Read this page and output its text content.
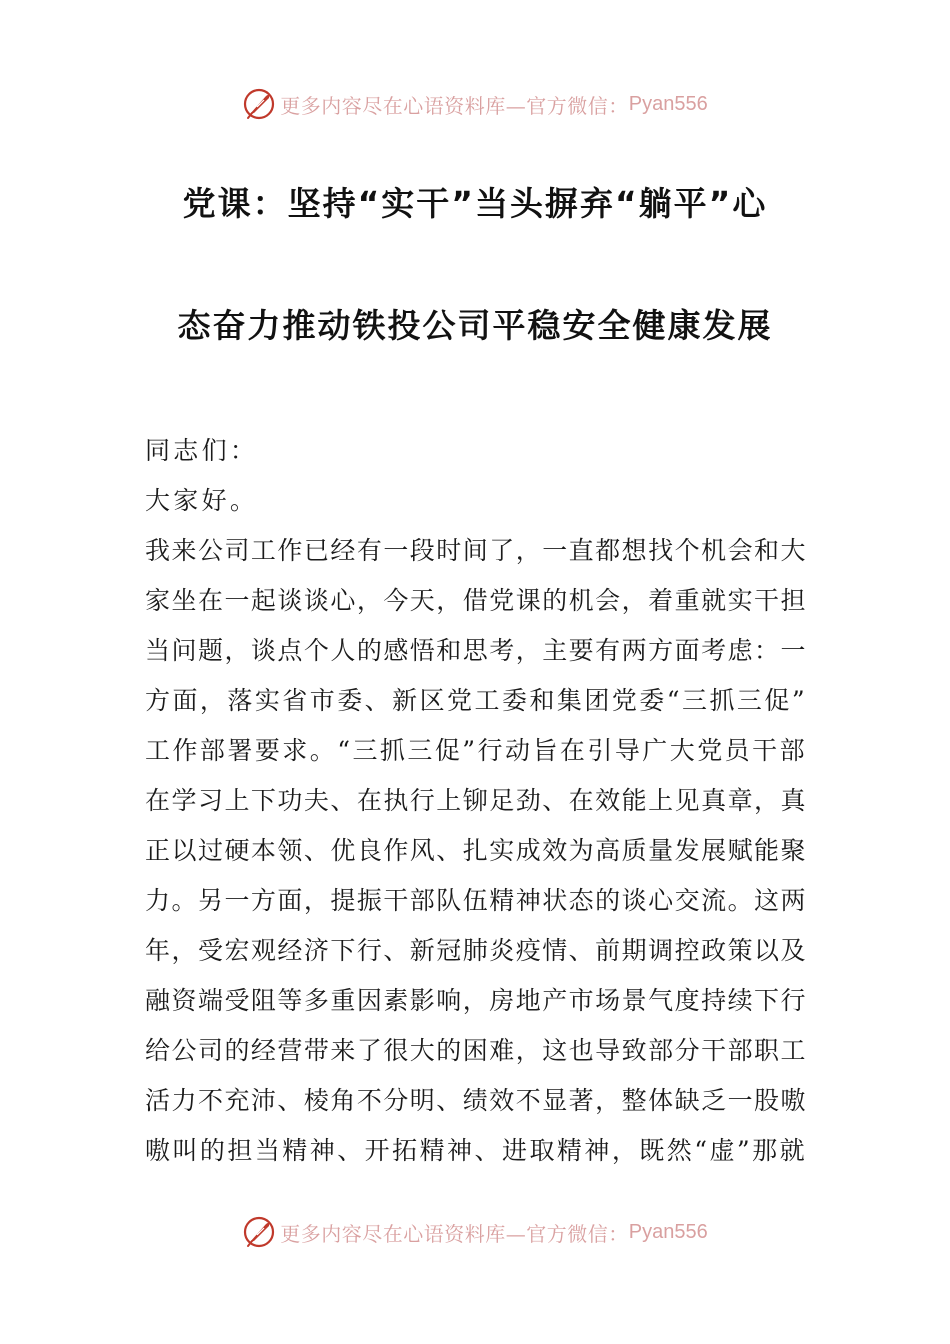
更多内容尽在心语资料库—官方微信： Pyan556
党课：坚持“实干”当头摒弃“躺平”心
态奋力推动铁投公司平稳安全健康发展

同志们：

大家好。

我来公司工作已经有一段时间了，一直都想找个机会和大
家坐在一起谈谈心，今天，借党课的机会，着重就实干担
当问题，谈点个人的感悟和思考，主要有两方面考虑：一
方面，落实省市委、新区党工委和集团党委“三抓三促”
工作部署要求。“三抓三促”行动旨在引导广大党员干部
在学习上下功夫、在执行上铆足劲、在效能上见真章，真
正以过硬本领、优良作风、扎实成效为高质量发展赋能聚
力。另一方面，提振干部队伍精神状态的谈心交流。这两
年，受宏观经济下行、新冠肺炎疫情、前期调控政策以及
融资端受阻等多重因素影响，房地产市场景气度持续下行
给公司的经营带来了很大的困难，这也导致部分干部职工
活力不充沛、棱角不分明、绩效不显著，整体缺乏一股嗷
嗷叫的担当精神、开拓精神、进取精神，既然“虚”那就
更多内容尽在心语资料库—官方微信： Pyan556
